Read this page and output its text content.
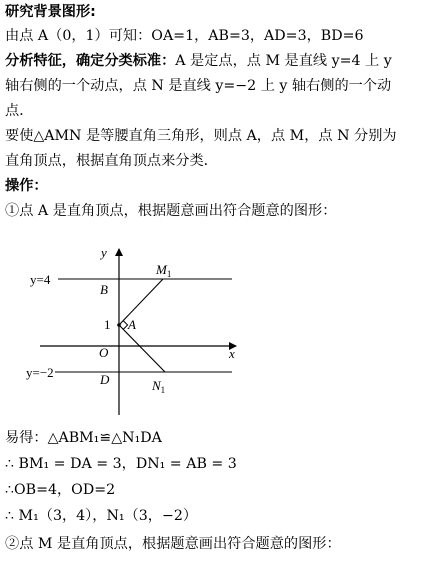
研究背景图形:
由点 A（0，1）可知：OA=1，AB=3，AD=3，BD=6
分析特征，确定分类标准：A 是定点，点 M 是直线 y=4 上 y
轴右侧的一个动点，点 N 是直线 y=−2 上 y 轴右侧的一个动
点．
要使△AMN 是等腰直角三角形，则点 A，点 M，点 N 分别为
直角顶点，根据直角顶点来分类．
操作：
①点 A 是直角顶点，根据题意画出符合题意的图形：
y
x
y=4
y=−2
B
1 A
O
D
$M_1$
$N_1$
易得：△ABM₁≌△N₁DA
∴ BM₁ = DA = 3，DN₁ = AB = 3
∴OB=4，OD=2
∴ M₁（3，4），N₁（3，−2）
②点 M 是直角顶点，根据题意画出符合题意的图形：
